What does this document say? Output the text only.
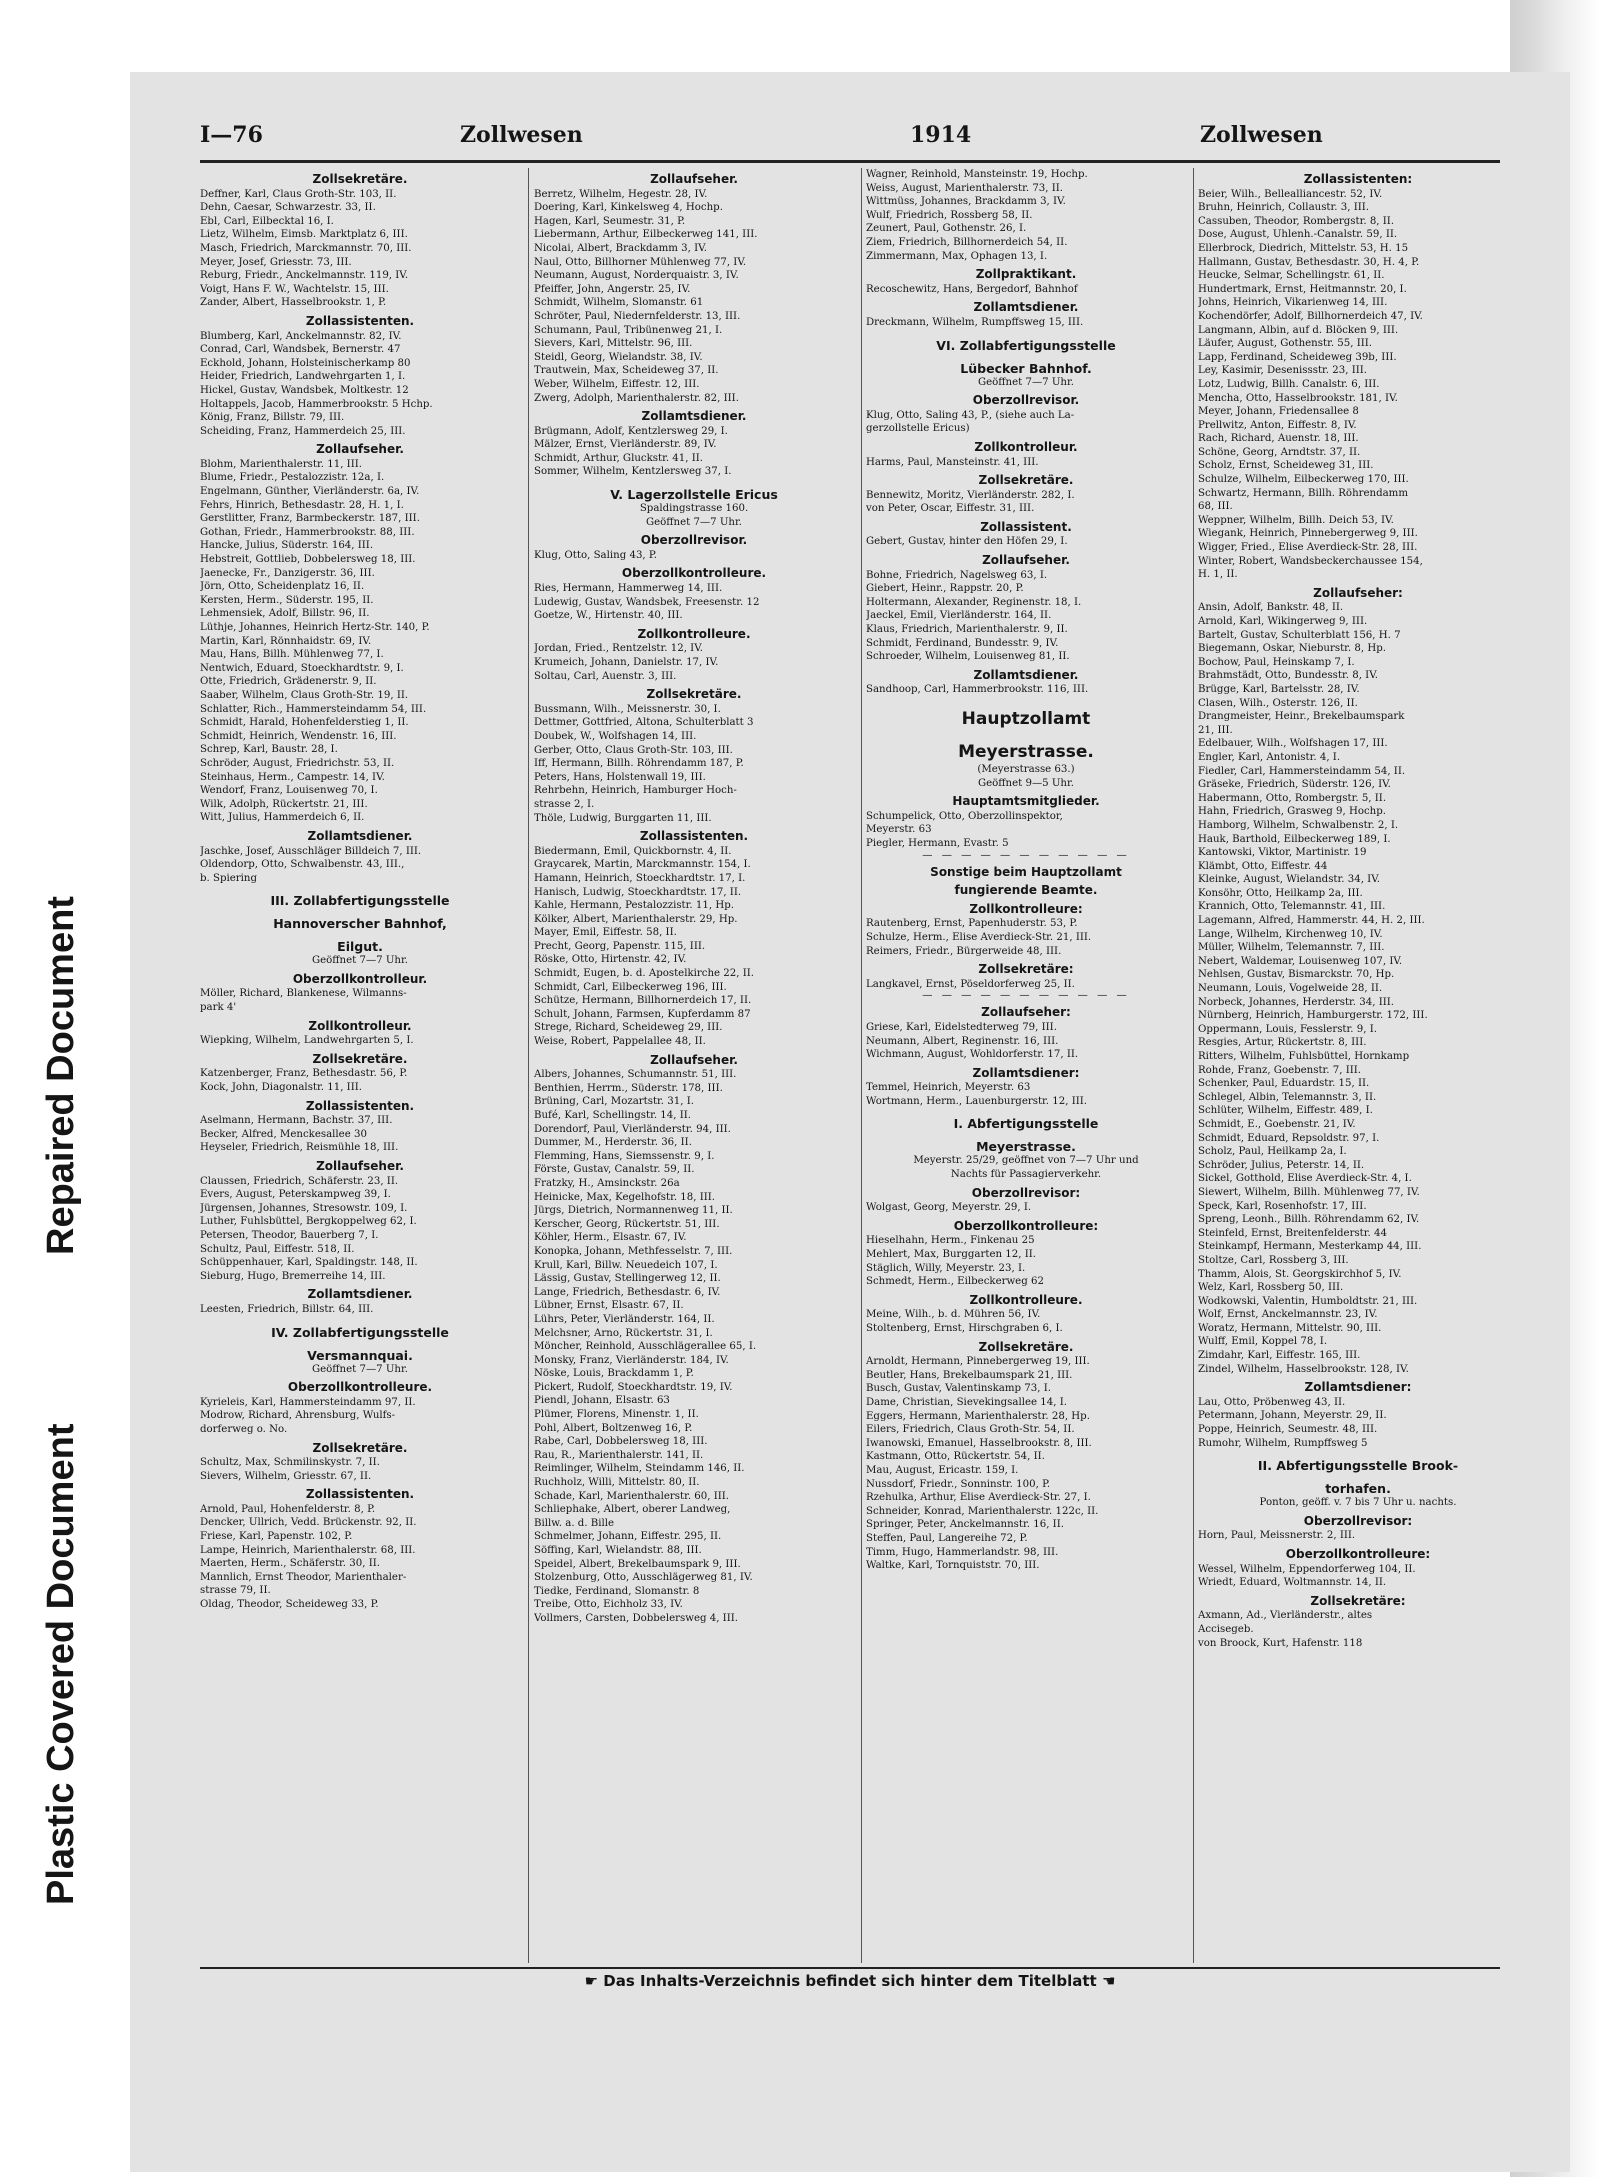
Repaired Document
Plastic Covered Document
I—76	Zollwesen	1914	Zollwesen
Zollsekretäre.
Deffner, Karl, Claus Groth-Str. 103, II.
Dehn, Caesar, Schwarzestr. 33, II.
Ebl, Carl, Eilbecktal 16, I.
Lietz, Wilhelm, Eimsb. Marktplatz 6, III.
Masch, Friedrich, Marckmannstr. 70, III.
Meyer, Josef, Griesstr. 73, III.
Reburg, Friedr., Anckelmannstr. 119, IV.
Voigt, Hans F. W., Wachtelstr. 15, III.
Zander, Albert, Hasselbrookstr. 1, P.
Zollassistenten.
Blumberg, Karl, Anckelmannstr. 82, IV.
Conrad, Carl, Wandsbek, Bernerstr. 47
Eckhold, Johann, Holsteinischerkamp 80
Heider, Friedrich, Landwehrgarten 1, I.
Hickel, Gustav, Wandsbek, Moltkestr. 12
Holtappels, Jacob, Hammerbrookstr. 5 Hchp.
König, Franz, Billstr. 79, III.
Scheiding, Franz, Hammerdeich 25, III.
Zollaufseher.
Blohm, Marienthalerstr. 11, III.
Blume, Friedr., Pestalozzistr. 12a, I.
Engelmann, Günther, Vierländerstr. 6a, IV.
Fehrs, Hinrich, Bethesdastr. 28, H. 1, I.
Gerstlitter, Franz, Barmbeckerstr. 187, III.
Gothan, Friedr., Hammerbrookstr. 88, III.
Hancke, Julius, Süderstr. 164, III.
Hebstreit, Gottlieb, Dobbelersweg 18, III.
Jaenecke, Fr., Danzigerstr. 36, III.
Jörn, Otto, Scheidenplatz 16, II.
Kersten, Herm., Süderstr. 195, II.
Lehmensiek, Adolf, Billstr. 96, II.
Lüthje, Johannes, Heinrich Hertz-Str. 140, P.
Martin, Karl, Rönnhaidstr. 69, IV.
Mau, Hans, Billh. Mühlenweg 77, I.
Nentwich, Eduard, Stoeckhardtstr. 9, I.
Otte, Friedrich, Grädenerstr. 9, II.
Saaber, Wilhelm, Claus Groth-Str. 19, II.
Schlatter, Rich., Hammersteindamm 54, III.
Schmidt, Harald, Hohenfelderstieg 1, II.
Schmidt, Heinrich, Wendenstr. 16, III.
Schrep, Karl, Baustr. 28, I.
Schröder, August, Friedrichstr. 53, II.
Steinhaus, Herm., Campestr. 14, IV.
Wendorf, Franz, Louisenweg 70, I.
Wilk, Adolph, Rückertstr. 21, III.
Witt, Julius, Hammerdeich 6, II.
Zollamtsdiener.
Jaschke, Josef, Ausschläger Billdeich 7, III.
Oldendorp, Otto, Schwalbenstr. 43, III.,
b. Spiering
III. Zollabfertigungsstelle
Hannoverscher Bahnhof,
Eilgut.
Geöffnet 7—7 Uhr.
Oberzollkontrolleur.
Möller, Richard, Blankenese, Wilmanns-
park 4'
Zollkontrolleur.
Wiepking, Wilhelm, Landwehrgarten 5, I.
Zollsekretäre.
Katzenberger, Franz, Bethesdastr. 56, P.
Kock, John, Diagonalstr. 11, III.
Zollassistenten.
Aselmann, Hermann, Bachstr. 37, III.
Becker, Alfred, Menckesallee 30
Heyseler, Friedrich, Reismühle 18, III.
Zollaufseher.
Claussen, Friedrich, Schäferstr. 23, II.
Evers, August, Peterskampweg 39, I.
Jürgensen, Johannes, Stresowstr. 109, I.
Luther, Fuhlsbüttel, Bergkoppelweg 62, I.
Petersen, Theodor, Bauerberg 7, I.
Schultz, Paul, Eiffestr. 518, II.
Schüppenhauer, Karl, Spaldingstr. 148, II.
Sieburg, Hugo, Bremerreihe 14, III.
Zollamtsdiener.
Leesten, Friedrich, Billstr. 64, III.
IV. Zollabfertigungsstelle
Versmannquai.
Geöffnet 7—7 Uhr.
Oberzollkontrolleure.
Kyrieleis, Karl, Hammersteindamm 97, II.
Modrow, Richard, Ahrensburg, Wulfs-
dorferweg o. No.
Zollsekretäre.
Schultz, Max, Schmilinskystr. 7, II.
Sievers, Wilhelm, Griesstr. 67, II.
Zollassistenten.
Arnold, Paul, Hohenfelderstr. 8, P.
Dencker, Ullrich, Vedd. Brückenstr. 92, II.
Friese, Karl, Papenstr. 102, P.
Lampe, Heinrich, Marienthalerstr. 68, III.
Maerten, Herm., Schäferstr. 30, II.
Mannlich, Ernst Theodor, Marienthaler-
strasse 79, II.
Oldag, Theodor, Scheideweg 33, P.
Zollaufseher.
Berretz, Wilhelm, Hegestr. 28, IV.
Doering, Karl, Kinkelsweg 4, Hochp.
Hagen, Karl, Seumestr. 31, P.
Liebermann, Arthur, Eilbeckerweg 141, III.
Nicolai, Albert, Brackdamm 3, IV.
Naul, Otto, Billhorner Mühlenweg 77, IV.
Neumann, August, Norderquaistr. 3, IV.
Pfeiffer, John, Angerstr. 25, IV.
Schmidt, Wilhelm, Slomanstr. 61
Schröter, Paul, Niedernfelderstr. 13, III.
Schumann, Paul, Tribünenweg 21, I.
Sievers, Karl, Mittelstr. 96, III.
Steidl, Georg, Wielandstr. 38, IV.
Trautwein, Max, Scheideweg 37, II.
Weber, Wilhelm, Eiffestr. 12, III.
Zwerg, Adolph, Marienthalerstr. 82, III.
Zollamtsdiener.
Brügmann, Adolf, Kentzlersweg 29, I.
Mälzer, Ernst, Vierländerstr. 89, IV.
Schmidt, Arthur, Gluckstr. 41, II.
Sommer, Wilhelm, Kentzlersweg 37, I.
V. Lagerzollstelle Ericus
Spaldingstrasse 160.
Geöffnet 7—7 Uhr.
Oberzollrevisor.
Klug, Otto, Saling 43, P.
Oberzollkontrolleure.
Ries, Hermann, Hammerweg 14, III.
Ludewig, Gustav, Wandsbek, Freesenstr. 12
Goetze, W., Hirtenstr. 40, III.
Zollkontrolleure.
Jordan, Fried., Rentzelstr. 12, IV.
Krumeich, Johann, Danielstr. 17, IV.
Soltau, Carl, Auenstr. 3, III.
Zollsekretäre.
Bussmann, Wilh., Meissnerstr. 30, I.
Dettmer, Gottfried, Altona, Schulterblatt 3
Doubek, W., Wolfshagen 14, III.
Gerber, Otto, Claus Groth-Str. 103, III.
Iff, Hermann, Billh. Röhrendamm 187, P.
Peters, Hans, Holstenwall 19, III.
Rehrbehn, Heinrich, Hamburger Hoch-
strasse 2, I.
Thöle, Ludwig, Burggarten 11, III.
Zollassistenten.
Biedermann, Emil, Quickbornstr. 4, II.
Graycarek, Martin, Marckmannstr. 154, I.
Hamann, Heinrich, Stoeckhardtstr. 17, I.
Hanisch, Ludwig, Stoeckhardtstr. 17, II.
Kahle, Hermann, Pestalozzistr. 11, Hp.
Kölker, Albert, Marienthalerstr. 29, Hp.
Mayer, Emil, Eiffestr. 58, II.
Precht, Georg, Papenstr. 115, III.
Röske, Otto, Hirtenstr. 42, IV.
Schmidt, Eugen, b. d. Apostelkirche 22, II.
Schmidt, Carl, Eilbeckerweg 196, III.
Schütze, Hermann, Billhornerdeich 17, II.
Schult, Johann, Farmsen, Kupferdamm 87
Strege, Richard, Scheideweg 29, III.
Weise, Robert, Pappelallee 48, II.
Zollaufseher.
Albers, Johannes, Schumannstr. 51, III.
Benthien, Herrm., Süderstr. 178, III.
Brüning, Carl, Mozartstr. 31, I.
Bufé, Karl, Schellingstr. 14, II.
Dorendorf, Paul, Vierländerstr. 94, III.
Dummer, M., Herderstr. 36, II.
Flemming, Hans, Siemssenstr. 9, I.
Förste, Gustav, Canalstr. 59, II.
Fratzky, H., Amsinckstr. 26a
Heinicke, Max, Kegelhofstr. 18, III.
Jürgs, Dietrich, Normannenweg 11, II.
Kerscher, Georg, Rückertstr. 51, III.
Köhler, Herm., Elsastr. 67, IV.
Konopka, Johann, Methfesselstr. 7, III.
Krull, Karl, Billw. Neuedeich 107, I.
Lässig, Gustav, Stellingerweg 12, II.
Lange, Friedrich, Bethesdastr. 6, IV.
Lübner, Ernst, Elsastr. 67, II.
Lührs, Peter, Vierländerstr. 164, II.
Melchsner, Arno, Rückertstr. 31, I.
Möncher, Reinhold, Ausschlägerallee 65, I.
Monsky, Franz, Vierländerstr. 184, IV.
Nöske, Louis, Brackdamm 1, P.
Pickert, Rudolf, Stoeckhardtstr. 19, IV.
Piendl, Johann, Elsastr. 63
Plümer, Florens, Minenstr. 1, II.
Pohl, Albert, Boltzenweg 16, P.
Rabe, Carl, Dobbelersweg 18, III.
Rau, R., Marienthalerstr. 141, II.
Reimlinger, Wilhelm, Steindamm 146, II.
Ruchholz, Willi, Mittelstr. 80, II.
Schade, Karl, Marienthalerstr. 60, III.
Schliephake, Albert, oberer Landweg,
Billw. a. d. Bille
Schmelmer, Johann, Eiffestr. 295, II.
Söffing, Karl, Wielandstr. 88, III.
Speidel, Albert, Brekelbaumspark 9, III.
Stolzenburg, Otto, Ausschlägerweg 81, IV.
Tiedke, Ferdinand, Slomanstr. 8
Treibe, Otto, Eichholz 33, IV.
Vollmers, Carsten, Dobbelersweg 4, III.
Wagner, Reinhold, Mansteinstr. 19, Hochp.
Weiss, August, Marienthalerstr. 73, II.
Wittmüss, Johannes, Brackdamm 3, IV.
Wulf, Friedrich, Rossberg 58, II.
Zeunert, Paul, Gothenstr. 26, I.
Ziem, Friedrich, Billhornerdeich 54, II.
Zimmermann, Max, Ophagen 13, I.
Zollpraktikant.
Recoschewitz, Hans, Bergedorf, Bahnhof
Zollamtsdiener.
Dreckmann, Wilhelm, Rumpffsweg 15, III.
VI. Zollabfertigungsstelle
Lübecker Bahnhof.
Geöffnet 7—7 Uhr.
Oberzollrevisor.
Klug, Otto, Saling 43, P., (siehe auch La-
gerzollstelle Ericus)
Zollkontrolleur.
Harms, Paul, Mansteinstr. 41, III.
Zollsekretäre.
Bennewitz, Moritz, Vierländerstr. 282, I.
von Peter, Oscar, Eiffestr. 31, III.
Zollassistent.
Gebert, Gustav, hinter den Höfen 29, I.
Zollaufseher.
Bohne, Friedrich, Nagelsweg 63, I.
Giebert, Heinr., Rappstr. 20, P.
Holtermann, Alexander, Reginenstr. 18, I.
Jaeckel, Emil, Vierländerstr. 164, II.
Klaus, Friedrich, Marienthalerstr. 9, II.
Schmidt, Ferdinand, Bundesstr. 9, IV.
Schroeder, Wilhelm, Louisenweg 81, II.
Zollamtsdiener.
Sandhoop, Carl, Hammerbrookstr. 116, III.
Hauptzollamt
Meyerstrasse.
(Meyerstrasse 63.)
Geöffnet 9—5 Uhr.
Hauptamtsmitglieder.
Schumpelick, Otto, Oberzollinspektor,
Meyerstr. 63
Piegler, Hermann, Evastr. 5
— — — — — — — — — — —
Sonstige beim Hauptzollamt
fungierende Beamte.
Zollkontrolleure:
Rautenberg, Ernst, Papenhuderstr. 53, P.
Schulze, Herm., Elise Averdieck-Str. 21, III.
Reimers, Friedr., Bürgerweide 48, III.
Zollsekretäre:
Langkavel, Ernst, Pöseldorferweg 25, II.
— — — — — — — — — — —
Zollaufseher:
Griese, Karl, Eidelstedterweg 79, III.
Neumann, Albert, Reginenstr. 16, III.
Wichmann, August, Wohldorferstr. 17, II.
Zollamtsdiener:
Temmel, Heinrich, Meyerstr. 63
Wortmann, Herm., Lauenburgerstr. 12, III.
I. Abfertigungsstelle
Meyerstrasse.
Meyerstr. 25/29, geöffnet von 7—7 Uhr und
Nachts für Passagierverkehr.
Oberzollrevisor:
Wolgast, Georg, Meyerstr. 29, I.
Oberzollkontrolleure:
Hieselhahn, Herm., Finkenau 25
Mehlert, Max, Burggarten 12, II.
Stäglich, Willy, Meyerstr. 23, I.
Schmedt, Herm., Eilbeckerweg 62
Zollkontrolleure.
Meine, Wilh., b. d. Mühren 56, IV.
Stoltenberg, Ernst, Hirschgraben 6, I.
Zollsekretäre.
Arnoldt, Hermann, Pinnebergerweg 19, III.
Beutler, Hans, Brekelbaumspark 21, III.
Busch, Gustav, Valentinskamp 73, I.
Dame, Christian, Sievekingsallee 14, I.
Eggers, Hermann, Marienthalerstr. 28, Hp.
Eilers, Friedrich, Claus Groth-Str. 54, II.
Iwanowski, Emanuel, Hasselbrookstr. 8, III.
Kastmann, Otto, Rückertstr. 54, II.
Mau, August, Ericastr. 159, I.
Nussdorf, Friedr., Sonninstr. 100, P.
Rzehulka, Arthur, Elise Averdieck-Str. 27, I.
Schneider, Konrad, Marienthalerstr. 122c, II.
Springer, Peter, Anckelmannstr. 16, II.
Steffen, Paul, Langereihe 72, P.
Timm, Hugo, Hammerlandstr. 98, III.
Waltke, Karl, Tornquiststr. 70, III.
Zollassistenten:
Beier, Wilh., Bellealliancestr. 52, IV.
Bruhn, Heinrich, Collaustr. 3, III.
Cassuben, Theodor, Rombergstr. 8, II.
Dose, August, Uhlenh.-Canalstr. 59, II.
Ellerbrock, Diedrich, Mittelstr. 53, H. 15
Hallmann, Gustav, Bethesdastr. 30, H. 4, P.
Heucke, Selmar, Schellingstr. 61, II.
Hundertmark, Ernst, Heitmannstr. 20, I.
Johns, Heinrich, Vikarienweg 14, III.
Kochendörfer, Adolf, Billhornerdeich 47, IV.
Langmann, Albin, auf d. Blöcken 9, III.
Läufer, August, Gothenstr. 55, III.
Lapp, Ferdinand, Scheideweg 39b, III.
Ley, Kasimir, Desenissstr. 23, III.
Lotz, Ludwig, Billh. Canalstr. 6, III.
Mencha, Otto, Hasselbrookstr. 181, IV.
Meyer, Johann, Friedensallee 8
Prellwitz, Anton, Eiffestr. 8, IV.
Rach, Richard, Auenstr. 18, III.
Schöne, Georg, Arndtstr. 37, II.
Scholz, Ernst, Scheideweg 31, III.
Schulze, Wilhelm, Eilbeckerweg 170, III.
Schwartz, Hermann, Billh. Röhrendamm
68, III.
Weppner, Wilhelm, Billh. Deich 53, IV.
Wiegank, Heinrich, Pinnebergerweg 9, III.
Wigger, Fried., Elise Averdieck-Str. 28, III.
Winter, Robert, Wandsbeckerchaussee 154,
H. 1, II.
Zollaufseher:
Ansin, Adolf, Bankstr. 48, II.
Arnold, Karl, Wikingerweg 9, III.
Bartelt, Gustav, Schulterblatt 156, H. 7
Biegemann, Oskar, Nieburstr. 8, Hp.
Bochow, Paul, Heinskamp 7, I.
Brahmstädt, Otto, Bundesstr. 8, IV.
Brügge, Karl, Bartelsstr. 28, IV.
Clasen, Wilh., Osterstr. 126, II.
Drangmeister, Heinr., Brekelbaumspark
21, III.
Edelbauer, Wilh., Wolfshagen 17, III.
Engler, Karl, Antonistr. 4, I.
Fiedler, Carl, Hammersteindamm 54, II.
Gräseke, Friedrich, Süderstr. 126, IV.
Habermann, Otto, Rombergstr. 5, II.
Hahn, Friedrich, Grasweg 9, Hochp.
Hamborg, Wilhelm, Schwalbenstr. 2, I.
Hauk, Barthold, Eilbeckerweg 189, I.
Kantowski, Viktor, Martinistr. 19
Klämbt, Otto, Eiffestr. 44
Kleinke, August, Wielandstr. 34, IV.
Konsöhr, Otto, Heilkamp 2a, III.
Krannich, Otto, Telemannstr. 41, III.
Lagemann, Alfred, Hammerstr. 44, H. 2, III.
Lange, Wilhelm, Kirchenweg 10, IV.
Müller, Wilhelm, Telemannstr. 7, III.
Nebert, Waldemar, Louisenweg 107, IV.
Nehlsen, Gustav, Bismarckstr. 70, Hp.
Neumann, Louis, Vogelweide 28, II.
Norbeck, Johannes, Herderstr. 34, III.
Nürnberg, Heinrich, Hamburgerstr. 172, III.
Oppermann, Louis, Fesslerstr. 9, I.
Resgies, Artur, Rückertstr. 8, III.
Ritters, Wilhelm, Fuhlsbüttel, Hornkamp
Rohde, Franz, Goebenstr. 7, III.
Schenker, Paul, Eduardstr. 15, II.
Schlegel, Albin, Telemannstr. 3, II.
Schlüter, Wilhelm, Eiffestr. 489, I.
Schmidt, E., Goebenstr. 21, IV.
Schmidt, Eduard, Repsoldstr. 97, I.
Scholz, Paul, Heilkamp 2a, I.
Schröder, Julius, Peterstr. 14, II.
Sickel, Gotthold, Elise Averdieck-Str. 4, I.
Siewert, Wilhelm, Billh. Mühlenweg 77, IV.
Speck, Karl, Rosenhofstr. 17, III.
Spreng, Leonh., Billh. Röhrendamm 62, IV.
Steinfeld, Ernst, Breitenfelderstr. 44
Steinkampf, Hermann, Mesterkamp 44, III.
Stoltze, Carl, Rossberg 3, III.
Thamm, Alois, St. Georgskirchhof 5, IV.
Welz, Karl, Rossberg 50, III.
Wodkowski, Valentin, Humboldtstr. 21, III.
Wolf, Ernst, Anckelmannstr. 23, IV.
Woratz, Hermann, Mittelstr. 90, III.
Wulff, Emil, Koppel 78, I.
Zimdahr, Karl, Eiffestr. 165, III.
Zindel, Wilhelm, Hasselbrookstr. 128, IV.
Zollamtsdiener:
Lau, Otto, Pröbenweg 43, II.
Petermann, Johann, Meyerstr. 29, II.
Poppe, Heinrich, Seumestr. 48, III.
Rumohr, Wilhelm, Rumpffsweg 5
II. Abfertigungsstelle Brook-
torhafen.
Ponton, geöff. v. 7 bis 7 Uhr u. nachts.
Oberzollrevisor:
Horn, Paul, Meissnerstr. 2, III.
Oberzollkontrolleure:
Wessel, Wilhelm, Eppendorferweg 104, II.
Wriedt, Eduard, Woltmannstr. 14, II.
Zollsekretäre:
Axmann, Ad., Vierländerstr., altes
Accisegeb.
von Broock, Kurt, Hafenstr. 118
☛ Das Inhalts-Verzeichnis befindet sich hinter dem Titelblatt ☚
